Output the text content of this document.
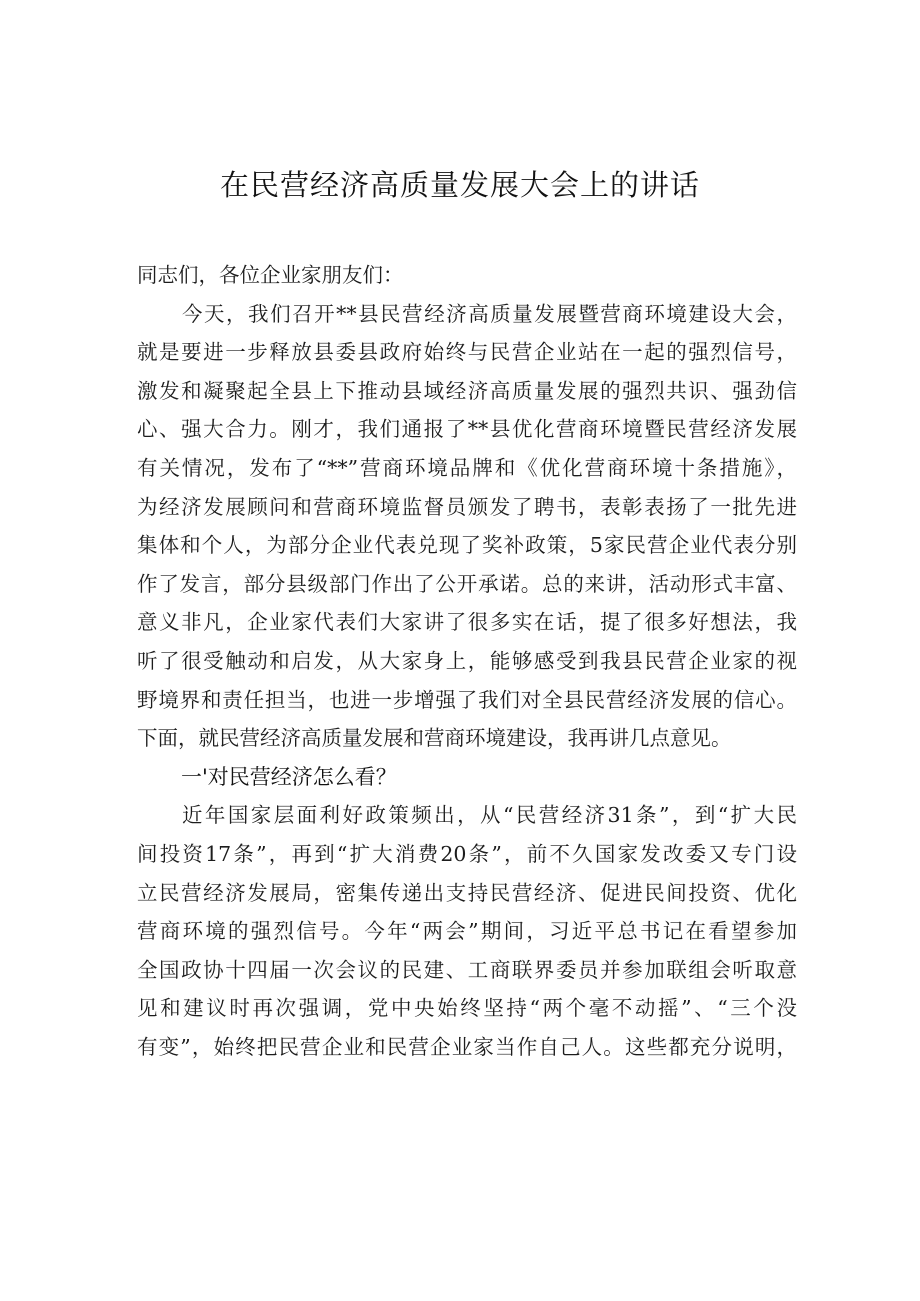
在民营经济高质量发展大会上的讲话
同志们，各位企业家朋友们：
今天，我们召开**县民营经济高质量发展暨营商环境建设大会，
就是要进一步释放县委县政府始终与民营企业站在一起的强烈信号，
激发和凝聚起全县上下推动县域经济高质量发展的强烈共识、强劲信
心、强大合力。刚才，我们通报了**县优化营商环境暨民营经济发展
有关情况，发布了“**”营商环境品牌和《优化营商环境十条措施》，
为经济发展顾问和营商环境监督员颁发了聘书，表彰表扬了一批先进
集体和个人，为部分企业代表兑现了奖补政策，5家民营企业代表分别
作了发言，部分县级部门作出了公开承诺。总的来讲，活动形式丰富、
意义非凡，企业家代表们大家讲了很多实在话，提了很多好想法，我
听了很受触动和启发，从大家身上，能够感受到我县民营企业家的视
野境界和责任担当，也进一步增强了我们对全县民营经济发展的信心。
下面，就民营经济高质量发展和营商环境建设，我再讲几点意见。
一'对民营经济怎么看？
近年国家层面利好政策频出，从“民营经济31条”，到“扩大民
间投资17条”，再到“扩大消费20条”，前不久国家发改委又专门设
立民营经济发展局，密集传递出支持民营经济、促进民间投资、优化
营商环境的强烈信号。今年“两会”期间，习近平总书记在看望参加
全国政协十四届一次会议的民建、工商联界委员并参加联组会听取意
见和建议时再次强调，党中央始终坚持“两个毫不动摇”、“三个没
有变”，始终把民营企业和民营企业家当作自己人。这些都充分说明，
